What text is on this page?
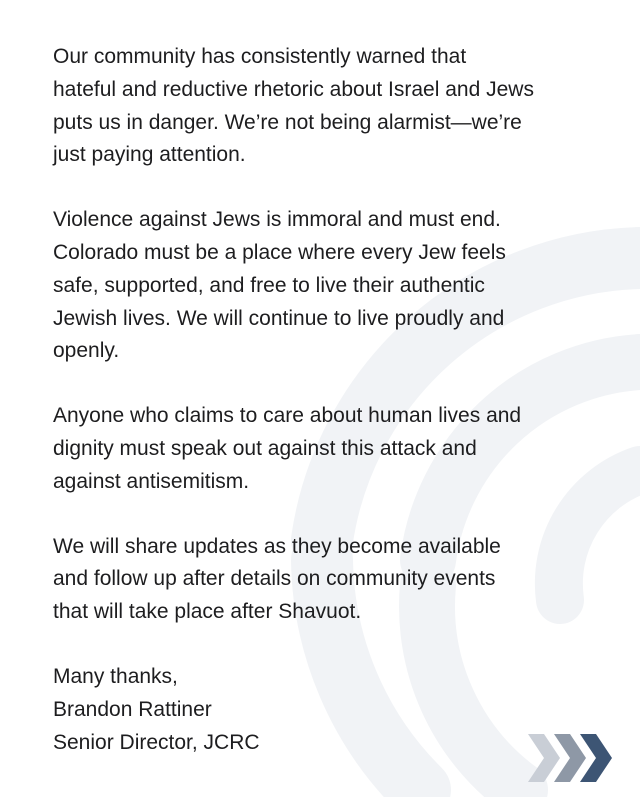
Our community has consistently warned that
hateful and reductive rhetoric about Israel and Jews
puts us in danger. We’re not being alarmist—we’re
just paying attention.

Violence against Jews is immoral and must end.
Colorado must be a place where every Jew feels
safe, supported, and free to live their authentic
Jewish lives. We will continue to live proudly and
openly.

Anyone who claims to care about human lives and
dignity must speak out against this attack and
against antisemitism.

We will share updates as they become available
and follow up after details on community events
that will take place after Shavuot.

Many thanks,
Brandon Rattiner
Senior Director, JCRC
